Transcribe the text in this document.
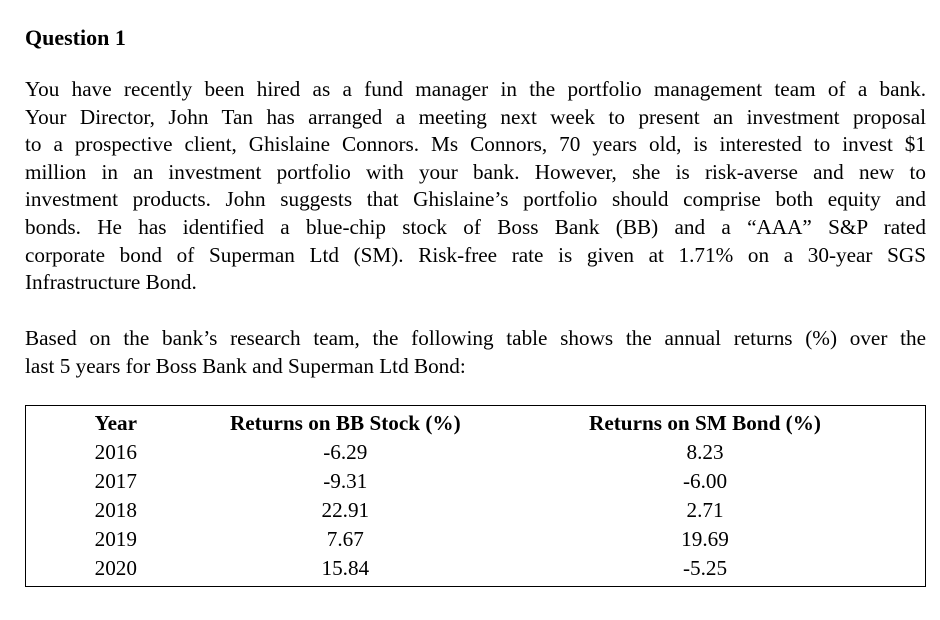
Question 1

You have recently been hired as a fund manager in the portfolio management team of a bank.
Your Director, John Tan has arranged a meeting next week to present an investment proposal
to a prospective client, Ghislaine Connors. Ms Connors, 70 years old, is interested to invest $1
million in an investment portfolio with your bank. However, she is risk-averse and new to
investment products. John suggests that Ghislaine’s portfolio should comprise both equity and
bonds. He has identified a blue-chip stock of Boss Bank (BB) and a “AAA” S&P rated
corporate bond of Superman Ltd (SM). Risk-free rate is given at 1.71% on a 30-year SGS
Infrastructure Bond.

Based on the bank’s research team, the following table shows the annual returns (%) over the
last 5 years for Boss Bank and Superman Ltd Bond:

Year	Returns on BB Stock (%)	Returns on SM Bond (%)
2016	-6.29	8.23
2017	-9.31	-6.00
2018	22.91	2.71
2019	7.67	19.69
2020	15.84	-5.25
